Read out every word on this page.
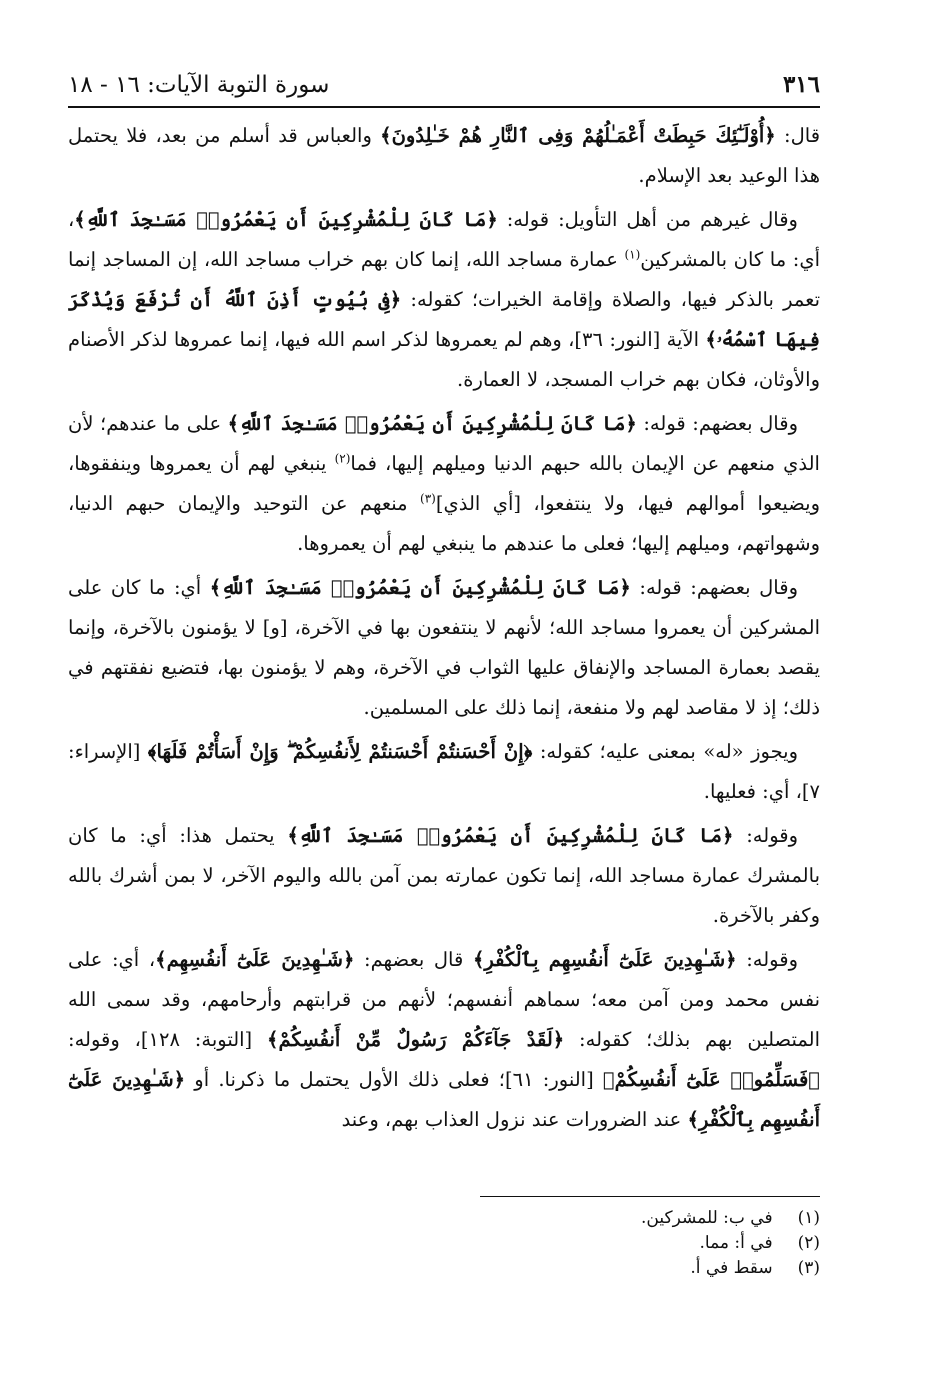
٣١٦
سورة التوبة الآيات: ١٦ - ١٨

قال: ﴿أُوْلَـٰٓئِكَ حَبِطَتْ أَعْمَـٰلُهُمْ وَفِى ٱلنَّارِ هُمْ خَـٰلِدُونَ﴾ والعباس قد أسلم من بعد، فلا يحتمل هذا الوعيد بعد الإسلام.

وقال غيرهم من أهل التأويل: قوله: ﴿مَا كَانَ لِلْمُشْرِكِينَ أَن يَعْمُرُوا۟ مَسَـٰجِدَ ٱللَّهِ﴾، أي: ما كان بالمشركين$^{(١)}$ عمارة مساجد الله، إنما كان بهم خراب مساجد الله، إن المساجد إنما تعمر بالذكر فيها، والصلاة وإقامة الخيرات؛ كقوله: ﴿فِى بُيُوتٍ أَذِنَ ٱللَّهُ أَن تُرْفَعَ وَيُذْكَرَ فِيهَا ٱسْمُهُۥ﴾ الآية [النور: ٣٦]، وهم لم يعمروها لذكر اسم الله فيها، إنما عمروها لذكر الأصنام والأوثان، فكان بهم خراب المسجد، لا العمارة.

وقال بعضهم: قوله: ﴿مَا كَانَ لِلْمُشْرِكِينَ أَن يَعْمُرُوا۟ مَسَـٰجِدَ ٱللَّهِ﴾ على ما عندهم؛ لأن الذي منعهم عن الإيمان بالله حبهم الدنيا وميلهم إليها، فما$^{(٢)}$ ينبغي لهم أن يعمروها وينفقوها، ويضيعوا أموالهم فيها، ولا ينتفعوا، [أي الذي]$^{(٣)}$ منعهم عن التوحيد والإيمان حبهم الدنيا، وشهواتهم، وميلهم إليها؛ فعلى ما عندهم ما ينبغي لهم أن يعمروها.

وقال بعضهم: قوله: ﴿مَا كَانَ لِلْمُشْرِكِينَ أَن يَعْمُرُوا۟ مَسَـٰجِدَ ٱللَّهِ﴾ أي: ما كان على المشركين أن يعمروا مساجد الله؛ لأنهم لا ينتفعون بها في الآخرة، [و] لا يؤمنون بالآخرة، وإنما يقصد بعمارة المساجد والإنفاق عليها الثواب في الآخرة، وهم لا يؤمنون بها، فتضيع نفقتهم في ذلك؛ إذ لا مقاصد لهم ولا منفعة، إنما ذلك على المسلمين.

ويجوز «له» بمعنى عليه؛ كقوله: ﴿إِنْ أَحْسَنتُمْ أَحْسَنتُمْ لِأَنفُسِكُمْ ۖ وَإِنْ أَسَأْتُمْ فَلَهَا﴾ [الإسراء: ٧]، أي: فعليها.

وقوله: ﴿مَا كَانَ لِلْمُشْرِكِينَ أَن يَعْمُرُوا۟ مَسَـٰجِدَ ٱللَّهِ﴾ يحتمل هذا: أي: ما كان بالمشرك عمارة مساجد الله، إنما تكون عمارته بمن آمن بالله واليوم الآخر، لا بمن أشرك بالله وكفر بالآخرة.

وقوله: ﴿شَـٰهِدِينَ عَلَىٰٓ أَنفُسِهِم بِٱلْكُفْرِ﴾ قال بعضهم: ﴿شَـٰهِدِينَ عَلَىٰٓ أَنفُسِهِم﴾، أي: على نفس محمد ومن آمن معه؛ سماهم أنفسهم؛ لأنهم من قرابتهم وأرحامهم، وقد سمى الله المتصلين بهم بذلك؛ كقوله: ﴿لَقَدْ جَآءَكُمْ رَسُولٌ مِّنْ أَنفُسِكُمْ﴾ [التوبة: ١٢٨]، وقوله: ﴿فَسَلِّمُوا۟ عَلَىٰٓ أَنفُسِكُمْ﴾ [النور: ٦١]؛ فعلى ذلك الأول يحتمل ما ذكرنا. أو ﴿شَـٰهِدِينَ عَلَىٰٓ أَنفُسِهِم بِٱلْكُفْرِ﴾ عند الضرورات عند نزول العذاب بهم، وعند

(١) في ب: للمشركين.
(٢) في أ: مما.
(٣) سقط في أ.
